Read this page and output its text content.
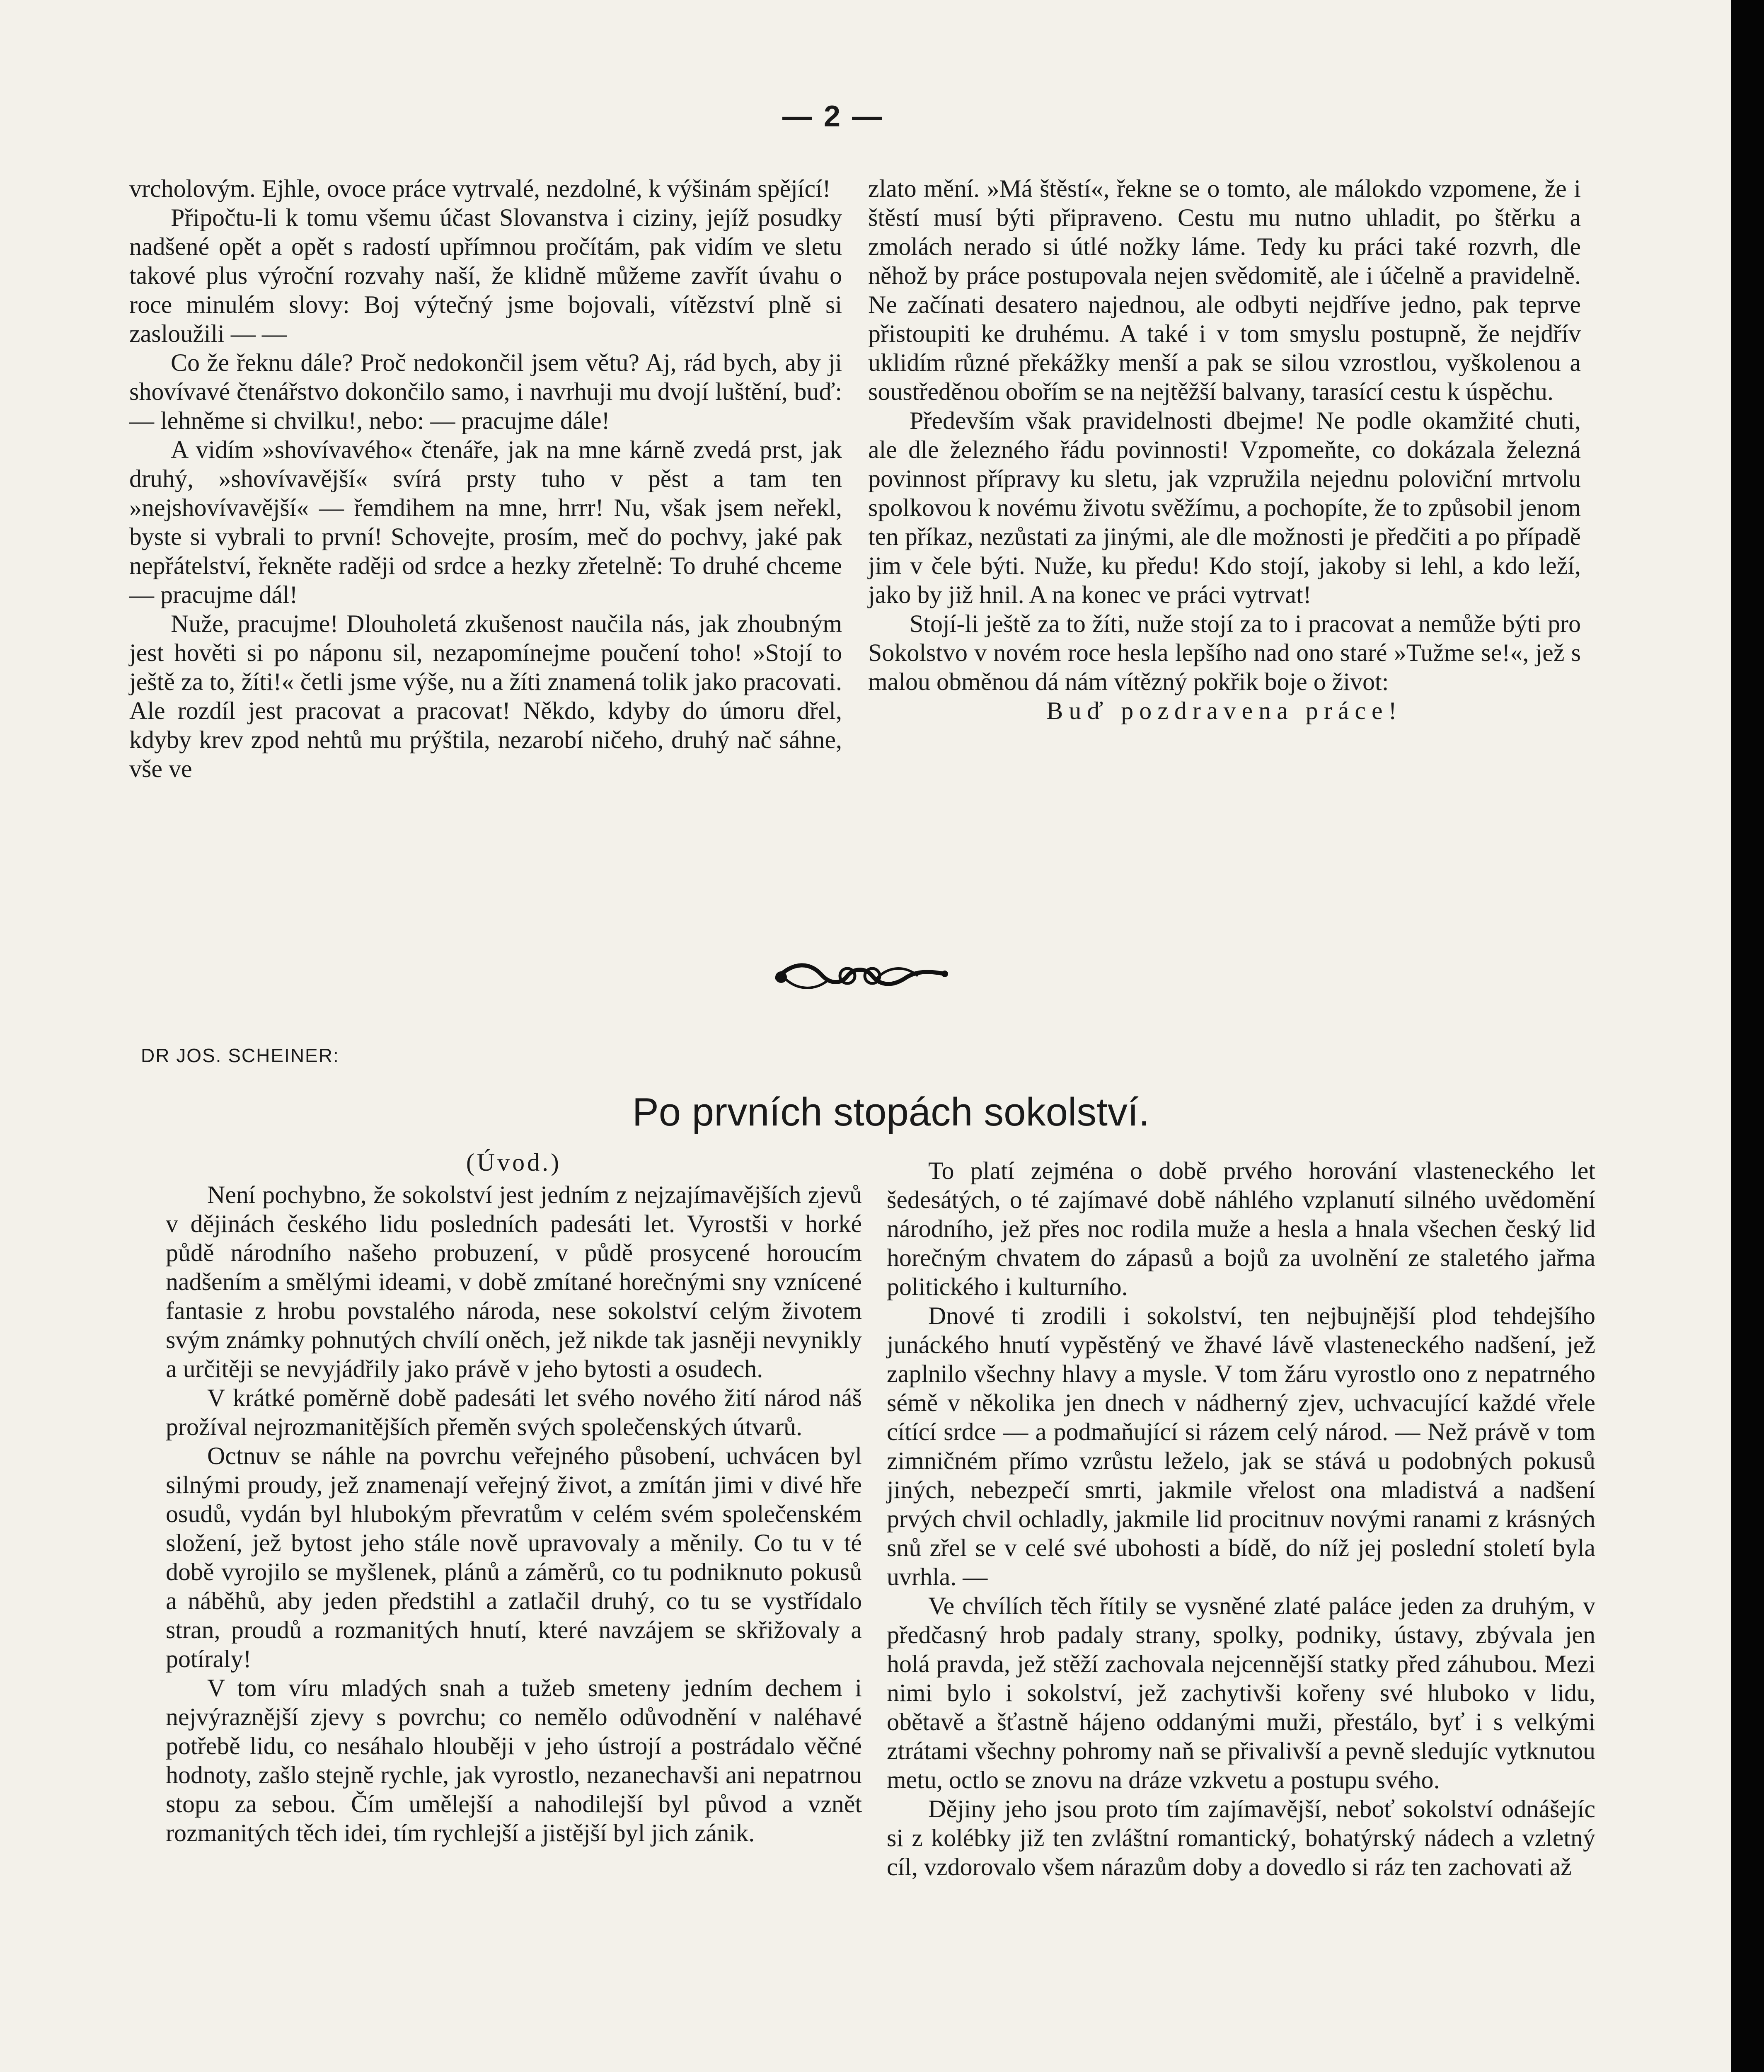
— 2 —

vrcholovým. Ejhle, ovoce práce vytrvalé, nezdolné, k výšinám spějící!

Připočtu-li k tomu všemu účast Slovanstva i ciziny, jejíž posudky nadšené opět a opět s radostí upřímnou pročítám, pak vidím ve sletu takové plus výroční rozvahy naší, že klidně můžeme zavřít úvahu o roce minulém slovy: Boj výtečný jsme bojovali, vítězství plně si zasloužili — —

Co že řeknu dále? Proč nedokončil jsem větu? Aj, rád bych, aby ji shovívavé čtenářstvo dokončilo samo, i navrhuji mu dvojí luštění, buď: — lehněme si chvilku!, nebo: — pracujme dále!

A vidím »shovívavého« čtenáře, jak na mne kárně zvedá prst, jak druhý, »shovívavější« svírá prsty tuho v pěst a tam ten »nejshovívavější« — řemdihem na mne, hrrr! Nu, však jsem neřekl, byste si vybrali to první! Schovejte, prosím, meč do pochvy, jaké pak nepřátelství, řekněte raději od srdce a hezky zřetelně: To druhé chceme — pracujme dál!

Nuže, pracujme! Dlouholetá zkušenost naučila nás, jak zhoubným jest hověti si po náponu sil, nezapomínejme poučení toho! »Stojí to ještě za to, žíti!« četli jsme výše, nu a žíti znamená tolik jako pracovati. Ale rozdíl jest pracovat a pracovat! Někdo, kdyby do úmoru dřel, kdyby krev zpod nehtů mu prýštila, nezarobí ničeho, druhý nač sáhne, vše ve

zlato mění. »Má štěstí«, řekne se o tomto, ale málokdo vzpomene, že i štěstí musí býti připraveno. Cestu mu nutno uhladit, po štěrku a zmolách nerado si útlé nožky láme. Tedy ku práci také rozvrh, dle něhož by práce postupovala nejen svědomitě, ale i účelně a pravidelně. Ne začínati desatero najednou, ale odbyti nejdříve jedno, pak teprve přistoupiti ke druhému. A také i v tom smyslu postupně, že nejdřív uklidím různé překážky menší a pak se silou vzrostlou, vyškolenou a soustředěnou obořím se na nejtěžší balvany, tarasící cestu k úspěchu.

Především však pravidelnosti dbejme! Ne podle okamžité chuti, ale dle železného řádu povinnosti! Vzpomeňte, co dokázala železná povinnost přípravy ku sletu, jak vzpružila nejednu poloviční mrtvolu spolkovou k novému životu svěžímu, a pochopíte, že to způsobil jenom ten příkaz, nezůstati za jinými, ale dle možnosti je předčiti a po případě jim v čele býti. Nuže, ku předu! Kdo stojí, jakoby si lehl, a kdo leží, jako by již hnil. A na konec ve práci vytrvat!

Stojí-li ještě za to žíti, nuže stojí za to i pracovat a nemůže býti pro Sokolstvo v novém roce hesla lepšího nad ono staré »Tužme se!«, jež s malou obměnou dá nám vítězný pokřik boje o život:

Buď pozdravena práce!

DR JOS. SCHEINER:
Po prvních stopách sokolství.

(Úvod.)

Není pochybno, že sokolství jest jedním z nejzajímavějších zjevů v dějinách českého lidu posledních padesáti let. Vyrostši v horké půdě národního našeho probuzení, v půdě prosycené horoucím nadšením a smělými ideami, v době zmítané horečnými sny vznícené fantasie z hrobu povstalého národa, nese sokolství celým životem svým známky pohnutých chvílí oněch, jež nikde tak jasněji nevynikly a určitěji se nevyjádřily jako právě v jeho bytosti a osudech.

V krátké poměrně době padesáti let svého nového žití národ náš prožíval nejrozmanitějších přeměn svých společenských útvarů.

Octnuv se náhle na povrchu veřejného působení, uchvácen byl silnými proudy, jež znamenají veřejný život, a zmítán jimi v divé hře osudů, vydán byl hlubokým převratům v celém svém společenském složení, jež bytost jeho stále nově upravovaly a měnily. Co tu v té době vyrojilo se myšlenek, plánů a záměrů, co tu podniknuto pokusů a náběhů, aby jeden předstihl a zatlačil druhý, co tu se vystřídalo stran, proudů a rozmanitých hnutí, které navzájem se skřižovaly a potíraly!

V tom víru mladých snah a tužeb smeteny jedním dechem i nejvýraznější zjevy s povrchu; co nemělo odůvodnění v naléhavé potřebě lidu, co nesáhalo hlouběji v jeho ústrojí a postrádalo věčné hodnoty, zašlo stejně rychle, jak vyrostlo, nezanechavši ani nepatrnou stopu za sebou. Čím umělejší a nahodilejší byl původ a vznět rozmanitých těch idei, tím rychlejší a jistější byl jich zánik.

To platí zejména o době prvého horování vlasteneckého let šedesátých, o té zajímavé době náhlého vzplanutí silného uvědomění národního, jež přes noc rodila muže a hesla a hnala všechen český lid horečným chvatem do zápasů a bojů za uvolnění ze staletého jařma politického i kulturního.

Dnové ti zrodili i sokolství, ten nejbujnější plod tehdejšího junáckého hnutí vypěstěný ve žhavé lávě vlasteneckého nadšení, jež zaplnilo všechny hlavy a mysle. V tom žáru vyrostlo ono z nepatrného sémě v několika jen dnech v nádherný zjev, uchvacující každé vřele cítící srdce — a podmaňující si rázem celý národ. — Než právě v tom zimničném přímo vzrůstu leželo, jak se stává u podobných pokusů jiných, nebezpečí smrti, jakmile vřelost ona mladistvá a nadšení prvých chvil ochladly, jakmile lid procitnuv novými ranami z krásných snů zřel se v celé své ubohosti a bídě, do níž jej poslední století byla uvrhla. —

Ve chvílích těch řítily se vysněné zlaté paláce jeden za druhým, v předčasný hrob padaly strany, spolky, podniky, ústavy, zbývala jen holá pravda, jež stěží zachovala nejcennější statky před záhubou. Mezi nimi bylo i sokolství, jež zachytivši kořeny své hluboko v lidu, obětavě a šťastně hájeno oddanými muži, přestálo, byť i s velkými ztrátami všechny pohromy naň se přivalivší a pevně sledujíc vytknutou metu, octlo se znovu na dráze vzkvetu a postupu svého.

Dějiny jeho jsou proto tím zajímavější, neboť sokolství odnášejíc si z kolébky již ten zvláštní romantický, bohatýrský nádech a vzletný cíl, vzdorovalo všem nárazům doby a dovedlo si ráz ten zachovati až
